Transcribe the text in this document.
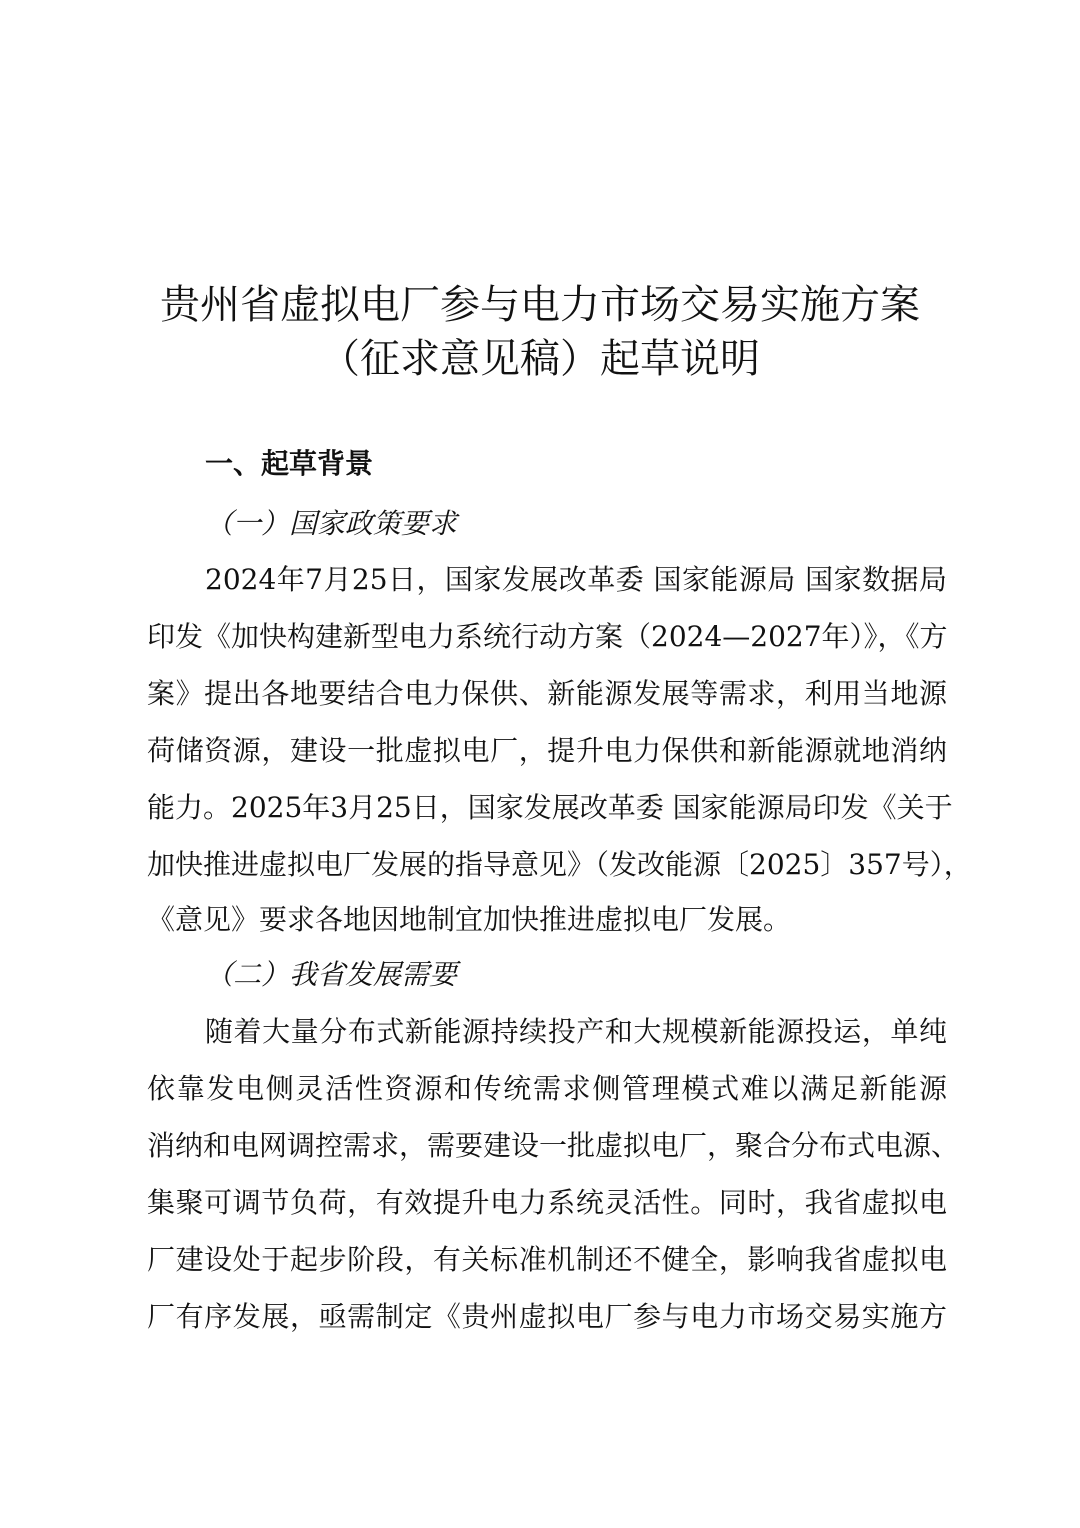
贵州省虚拟电厂参与电力市场交易实施方案
（征求意见稿）起草说明
一、起草背景
（一）国家政策要求
2024年7月25日，国家发展改革委 国家能源局 国家数据局
印发《加快构建新型电力系统行动方案（2024—2027年）》，《方
案》提出各地要结合电力保供、新能源发展等需求，利用当地源
荷储资源，建设一批虚拟电厂，提升电力保供和新能源就地消纳
能力。2025年3月25日，国家发展改革委 国家能源局印发《关于
加快推进虚拟电厂发展的指导意见》（发改能源〔2025〕357号），
《意见》要求各地因地制宜加快推进虚拟电厂发展。
（二）我省发展需要
随着大量分布式新能源持续投产和大规模新能源投运，单纯
依靠发电侧灵活性资源和传统需求侧管理模式难以满足新能源
消纳和电网调控需求，需要建设一批虚拟电厂，聚合分布式电源、
集聚可调节负荷，有效提升电力系统灵活性。同时，我省虚拟电
厂建设处于起步阶段，有关标准机制还不健全，影响我省虚拟电
厂有序发展，亟需制定《贵州虚拟电厂参与电力市场交易实施方
